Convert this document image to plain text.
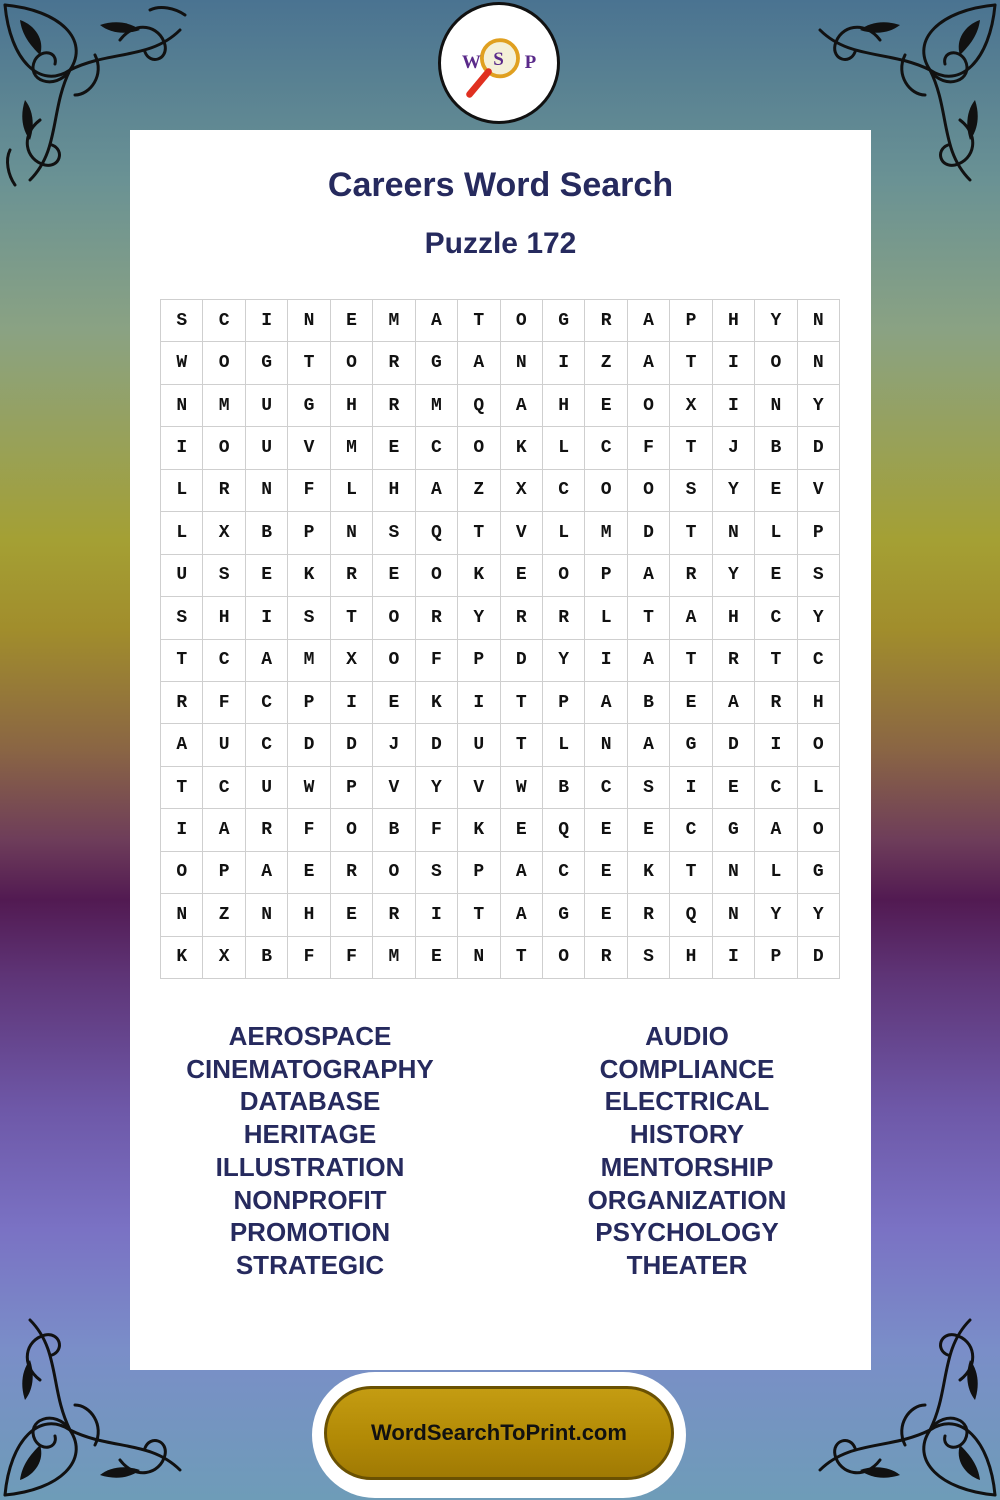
W S P
Careers Word Search
Puzzle 172
S	C	I	N	E	M	A	T	O	G	R	A	P	H	Y	N
W	O	G	T	O	R	G	A	N	I	Z	A	T	I	O	N
N	M	U	G	H	R	M	Q	A	H	E	O	X	I	N	Y
I	O	U	V	M	E	C	O	K	L	C	F	T	J	B	D
L	R	N	F	L	H	A	Z	X	C	O	O	S	Y	E	V
L	X	B	P	N	S	Q	T	V	L	M	D	T	N	L	P
U	S	E	K	R	E	O	K	E	O	P	A	R	Y	E	S
S	H	I	S	T	O	R	Y	R	R	L	T	A	H	C	Y
T	C	A	M	X	O	F	P	D	Y	I	A	T	R	T	C
R	F	C	P	I	E	K	I	T	P	A	B	E	A	R	H
A	U	C	D	D	J	D	U	T	L	N	A	G	D	I	O
T	C	U	W	P	V	Y	V	W	B	C	S	I	E	C	L
I	A	R	F	O	B	F	K	E	Q	E	E	C	G	A	O
O	P	A	E	R	O	S	P	A	C	E	K	T	N	L	G
N	Z	N	H	E	R	I	T	A	G	E	R	Q	N	Y	Y
K	X	B	F	F	M	E	N	T	O	R	S	H	I	P	D
AEROSPACE
CINEMATOGRAPHY
DATABASE
HERITAGE
ILLUSTRATION
NONPROFIT
PROMOTION
STRATEGIC
AUDIO
COMPLIANCE
ELECTRICAL
HISTORY
MENTORSHIP
ORGANIZATION
PSYCHOLOGY
THEATER
WordSearchToPrint.com
